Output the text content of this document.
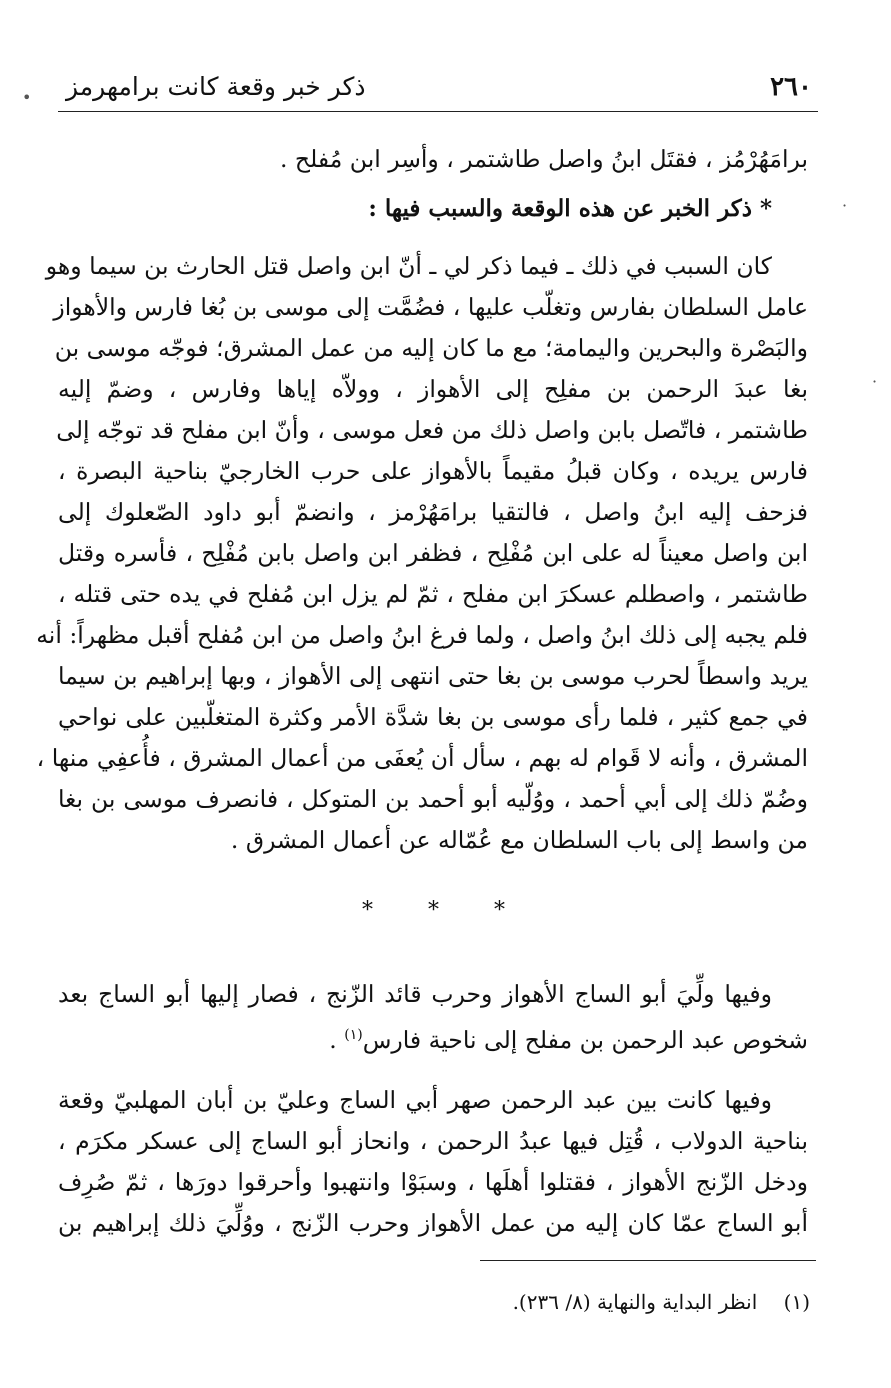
٢٦٠
ذكر خبر وقعة كانت برامهرمز
•
·
·
برامَهُرْمُز ، فقتَل ابنُ واصل طاشتمر ، وأسِر ابن مُفلح .
* ذكر الخبر عن هذه الوقعة والسبب فيها :
كان السبب في ذلك ـ فيما ذكر لي ـ أنّ ابن واصل قتل الحارث بن سيما وهو
عامل السلطان بفارس وتغلّب عليها ، فضُمَّت إلى موسى بن بُغا فارس والأهواز
والبَصْرة والبحرين واليمامة؛ مع ما كان إليه من عمل المشرق؛ فوجّه موسى بن
بغا عبدَ الرحمن بن مفلِح إلى الأهواز ، وولاّه إياها وفارس ، وضمّ إليه
طاشتمر ، فاتّصل بابن واصل ذلك من فعل موسى ، وأنّ ابن مفلح قد توجّه إلى
فارس يريده ، وكان قبلُ مقيماً بالأهواز على حرب الخارجيّ بناحية البصرة ،
فزحف إليه ابنُ واصل ، فالتقيا برامَهُرْمز ، وانضمّ أبو داود الصّعلوك إلى
ابن واصل معيناً له على ابن مُفْلِح ، فظفر ابن واصل بابن مُفْلِح ، فأسره وقتل
طاشتمر ، واصطلم عسكرَ ابن مفلح ، ثمّ لم يزل ابن مُفلح في يده حتى قتله ،
فلم يجبه إلى ذلك ابنُ واصل ، ولما فرغ ابنُ واصل من ابن مُفلح أقبل مظهراً: أنه
يريد واسطاً لحرب موسى بن بغا حتى انتهى إلى الأهواز ، وبها إبراهيم بن سيما
في جمع كثير ، فلما رأى موسى بن بغا شدَّة الأمر وكثرة المتغلّبين على نواحي
المشرق ، وأنه لا قَوام له بهم ، سأل أن يُعفَى من أعمال المشرق ، فأُعفِي منها ،
وضُمّ ذلك إلى أبي أحمد ، ووُلّيه أبو أحمد بن المتوكل ، فانصرف موسى بن بغا
من واسط إلى باب السلطان مع عُمّاله عن أعمال المشرق .
* * *
وفيها ولِّيَ أبو الساج الأهواز وحرب قائد الزّنج ، فصار إليها أبو الساج بعد
شخوص عبد الرحمن بن مفلح إلى ناحية فارس$^{(١)}$ .
وفيها كانت بين عبد الرحمن صهر أبي الساج وعليّ بن أبان المهلبيّ وقعة
بناحية الدولاب ، قُتِل فيها عبدُ الرحمن ، وانحاز أبو الساج إلى عسكر مكرَم ،
ودخل الزّنج الأهواز ، فقتلوا أهلَها ، وسبَوْا وانتهبوا وأحرقوا دورَها ، ثمّ صُرِف
أبو الساج عمّا كان إليه من عمل الأهواز وحرب الزّنج ، ووُلِّيَ ذلك إبراهيم بن
(١) انظر البداية والنهاية (٨/ ٢٣٦).
